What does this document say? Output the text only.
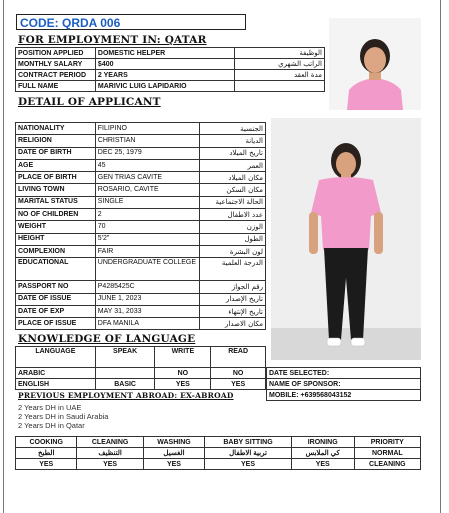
CODE: QRDA 006
FOR EMPLOYMENT IN: QATAR
POSITION APPLIED	DOMESTIC HELPER	الوظيفة
MONTHLY SALARY	$400	الراتب الشهري
CONTRACT PERIOD	2 YEARS	مدة العقد
FULL NAME	MARIVIC LUIG LAPIDARIO	
DETAIL OF APPLICANT
NATIONALITY	FILIPINO	الجنسية
RELIGION	CHRISTIAN	الديانة
DATE OF BIRTH	DEC 25, 1979	تاريخ الميلاد
AGE	45	العمر
PLACE OF BIRTH	GEN TRIAS CAVITE	مكان الميلاد
LIVING TOWN	ROSARIO, CAVITE	مكان السكن
MARITAL STATUS	SINGLE	الحالة الاجتماعية
NO OF CHILDREN	2	عدد الاطفال
WEIGHT	70	الوزن
HEIGHT	5'2"	الطول
COMPLEXION	FAIR	لون البشرة
EDUCATIONAL	UNDERGRADUATE COLLEGE	الدرجة العلمية
PASSPORT NO	P4285425C	رقم الجواز
DATE OF ISSUE	JUNE 1, 2023	تاريخ الإصدار
DATE OF EXP	MAY 31, 2033	تاريخ الإنتهاء
PLACE OF ISSUE	DFA MANILA	مكان الاصدار
KNOWLEDGE OF LANGUAGE
LANGUAGE	SPEAK	WRITE	READ
ARABIC		NO	NO
ENGLISH	BASIC	YES	YES
DATE SELECTED:
NAME OF SPONSOR:
MOBILE: +639568043152
PREVIOUS EMPLOYMENT ABROAD: EX-ABROAD
2 Years DH in UAE
2 Years DH in Saudi Arabia
2 Years DH in Qatar
COOKING	CLEANING	WASHING	BABY SITTING	IRONING	PRIORITY
الطبخ	التنظيف	الغسيل	تربية الاطفال	كي الملابس	NORMAL
YES	YES	YES	YES	YES	CLEANING
